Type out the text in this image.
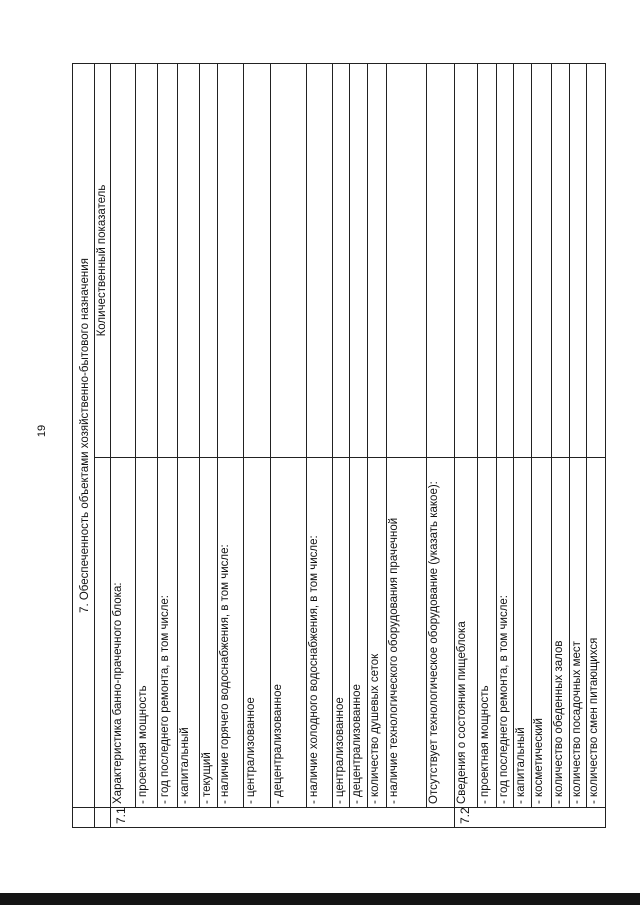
19
		7. Обеспеченность объектами хозяйственно-бытового назначения	
		Количественный показатель
7.1	Характеристика банно-прачечного блока:	
	- проектная мощность	
	- год последнего ремонта, в том числе:	
	- капитальный	
	- текущий	
	- наличие горячего водоснабжения, в том числе:	
	- централизованное	
	- децентрализованное	
	- наличие холодного водоснабжения, в том числе:	
	- централизованное	
	- децентрализованное	
	- количество душевых сеток	
	- наличие технологического оборудования прачечной	
	Отсутствует технологическое оборудование (указать какое):	
7.2	Сведения о состоянии пищеблока	
	- проектная мощность	
	- год последнего ремонта, в том числе:	
	- капитальный	
	- косметический	
	- количество обеденных залов	
	- количество посадочных мест	
	- количество смен питающихся	
